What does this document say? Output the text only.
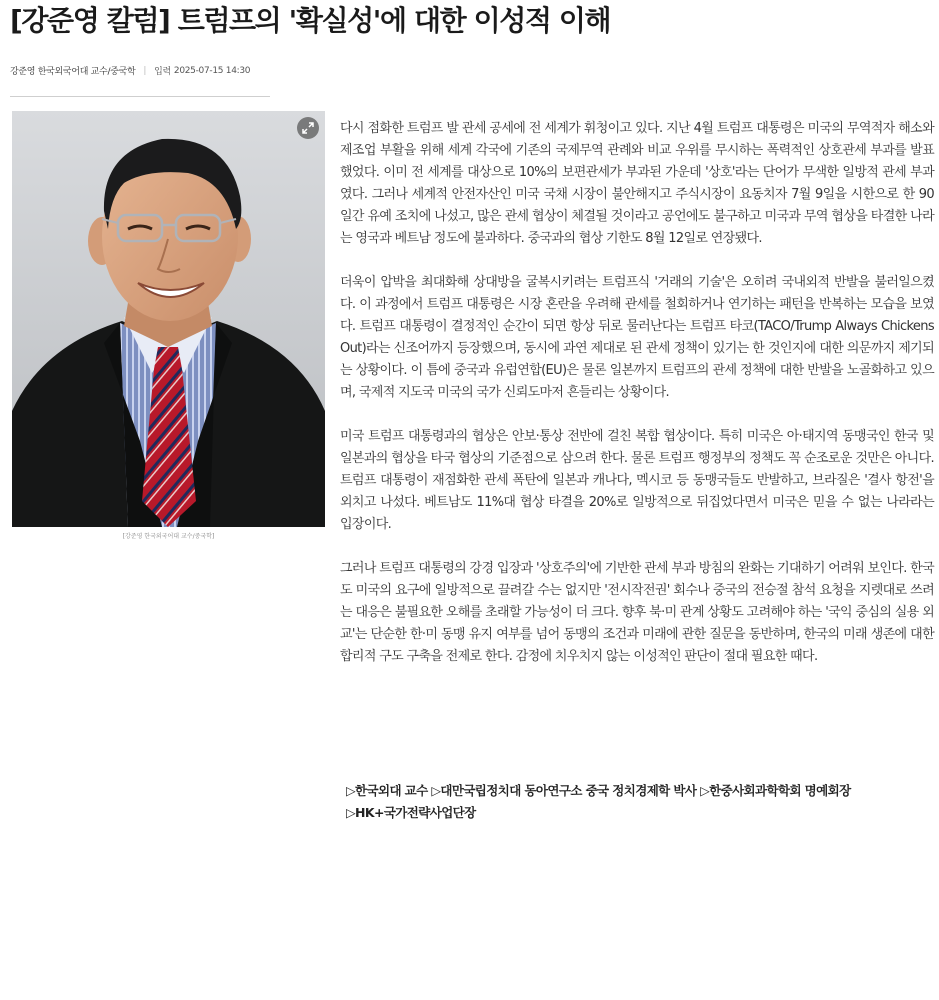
[강준영 칼럼] 트럼프의 '확실성'에 대한 이성적 이해
강준영 한국외국어대 교수/중국학 | 입력 2025-07-15 14:30
[강준영 한국외국어대 교수/중국학]

다시 점화한 트럼프 발 관세 공세에 전 세계가 휘청이고 있다. 지난 4월 트럼프 대통령은 미국의 무역적자 해소와 제조업 부활을 위해 세계 각국에 기존의 국제무역 관례와 비교 우위를 무시하는 폭력적인 상호관세 부과를 발표했었다. 이미 전 세계를 대상으로 10%의 보편관세가 부과된 가운데 '상호'라는 단어가 무색한 일방적 관세 부과였다. 그러나 세계적 안전자산인 미국 국채 시장이 불안해지고 주식시장이 요동치자 7월 9일을 시한으로 한 90일간 유예 조치에 나섰고, 많은 관세 협상이 체결될 것이라고 공언에도 불구하고 미국과 무역 협상을 타결한 나라는 영국과 베트남 정도에 불과하다. 중국과의 협상 기한도 8월 12일로 연장됐다.

더욱이 압박을 최대화해 상대방을 굴복시키려는 트럼프식 '거래의 기술'은 오히려 국내외적 반발을 불러일으켰다. 이 과정에서 트럼프 대통령은 시장 혼란을 우려해 관세를 철회하거나 연기하는 패턴을 반복하는 모습을 보였다. 트럼프 대통령이 결정적인 순간이 되면 항상 뒤로 물러난다는 트럼프 타코(TACO/Trump Always Chickens Out)라는 신조어까지 등장했으며, 동시에 과연 제대로 된 관세 정책이 있기는 한 것인지에 대한 의문까지 제기되는 상황이다. 이 틈에 중국과 유럽연합(EU)은 물론 일본까지 트럼프의 관세 정책에 대한 반발을 노골화하고 있으며, 국제적 지도국 미국의 국가 신뢰도마저 흔들리는 상황이다.

미국 트럼프 대통령과의 협상은 안보·통상 전반에 걸친 복합 협상이다. 특히 미국은 아·태지역 동맹국인 한국 및 일본과의 협상을 타국 협상의 기준점으로 삼으려 한다. 물론 트럼프 행정부의 정책도 꼭 순조로운 것만은 아니다. 트럼프 대통령이 재점화한 관세 폭탄에 일본과 캐나다, 멕시코 등 동맹국들도 반발하고, 브라질은 '결사 항전'을 외치고 나섰다. 베트남도 11%대 협상 타결을 20%로 일방적으로 뒤집었다면서 미국은 믿을 수 없는 나라라는 입장이다.

그러나 트럼프 대통령의 강경 입장과 '상호주의'에 기반한 관세 부과 방침의 완화는 기대하기 어려워 보인다. 한국도 미국의 요구에 일방적으로 끌려갈 수는 없지만 '전시작전권' 회수나 중국의 전승절 참석 요청을 지렛대로 쓰려는 대응은 불필요한 오해를 초래할 가능성이 더 크다. 향후 북·미 관계 상황도 고려해야 하는 '국익 중심의 실용 외교'는 단순한 한·미 동맹 유지 여부를 넘어 동맹의 조건과 미래에 관한 질문을 동반하며, 한국의 미래 생존에 대한 합리적 구도 구축을 전제로 한다. 감정에 치우치지 않는 이성적인 판단이 절대 필요한 때다.

▷한국외대 교수 ▷대만국립정치대 동아연구소 중국 정치경제학 박사 ▷한중사회과학학회 명예회장
▷HK+국가전략사업단장
